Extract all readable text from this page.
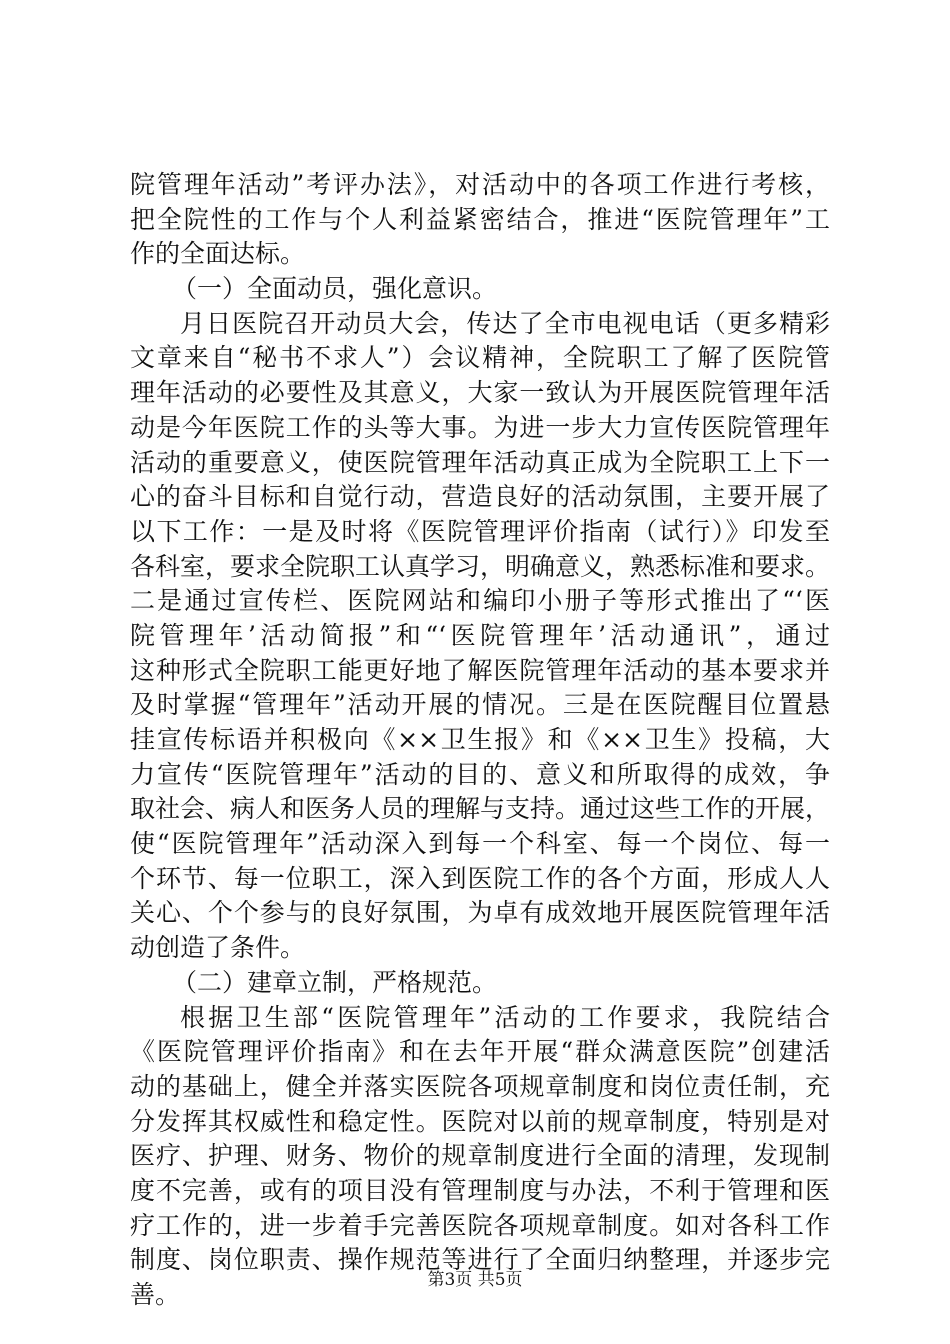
院管理年活动”考评办法》，对活动中的各项工作进行考核，
把全院性的工作与个人利益紧密结合，推进“医院管理年”工
作的全面达标。
（一）全面动员，强化意识。
月日医院召开动员大会，传达了全市电视电话（更多精彩
文章来自“秘书不求人”）会议精神，全院职工了解了医院管
理年活动的必要性及其意义，大家一致认为开展医院管理年活
动是今年医院工作的头等大事。为进一步大力宣传医院管理年
活动的重要意义，使医院管理年活动真正成为全院职工上下一
心的奋斗目标和自觉行动，营造良好的活动氛围，主要开展了
以下工作：一是及时将《医院管理评价指南（试行）》印发至
各科室，要求全院职工认真学习，明确意义，熟悉标准和要求。
二是通过宣传栏、医院网站和编印小册子等形式推出了“‘医
院管理年’活动简报”和“‘医院管理年’活动通讯”，通过
这种形式全院职工能更好地了解医院管理年活动的基本要求并
及时掌握“管理年”活动开展的情况。三是在医院醒目位置悬
挂宣传标语并积极向《××卫生报》和《××卫生》投稿，大
力宣传“医院管理年”活动的目的、意义和所取得的成效，争
取社会、病人和医务人员的理解与支持。通过这些工作的开展，
使“医院管理年”活动深入到每一个科室、每一个岗位、每一
个环节、每一位职工，深入到医院工作的各个方面，形成人人
关心、个个参与的良好氛围，为卓有成效地开展医院管理年活
动创造了条件。
（二）建章立制，严格规范。
根据卫生部“医院管理年”活动的工作要求，我院结合
《医院管理评价指南》和在去年开展“群众满意医院”创建活
动的基础上，健全并落实医院各项规章制度和岗位责任制，充
分发挥其权威性和稳定性。医院对以前的规章制度，特别是对
医疗、护理、财务、物价的规章制度进行全面的清理，发现制
度不完善，或有的项目没有管理制度与办法，不利于管理和医
疗工作的，进一步着手完善医院各项规章制度。如对各科工作
制度、岗位职责、操作规范等进行了全面归纳整理，并逐步完
善。	第3页 共5页
